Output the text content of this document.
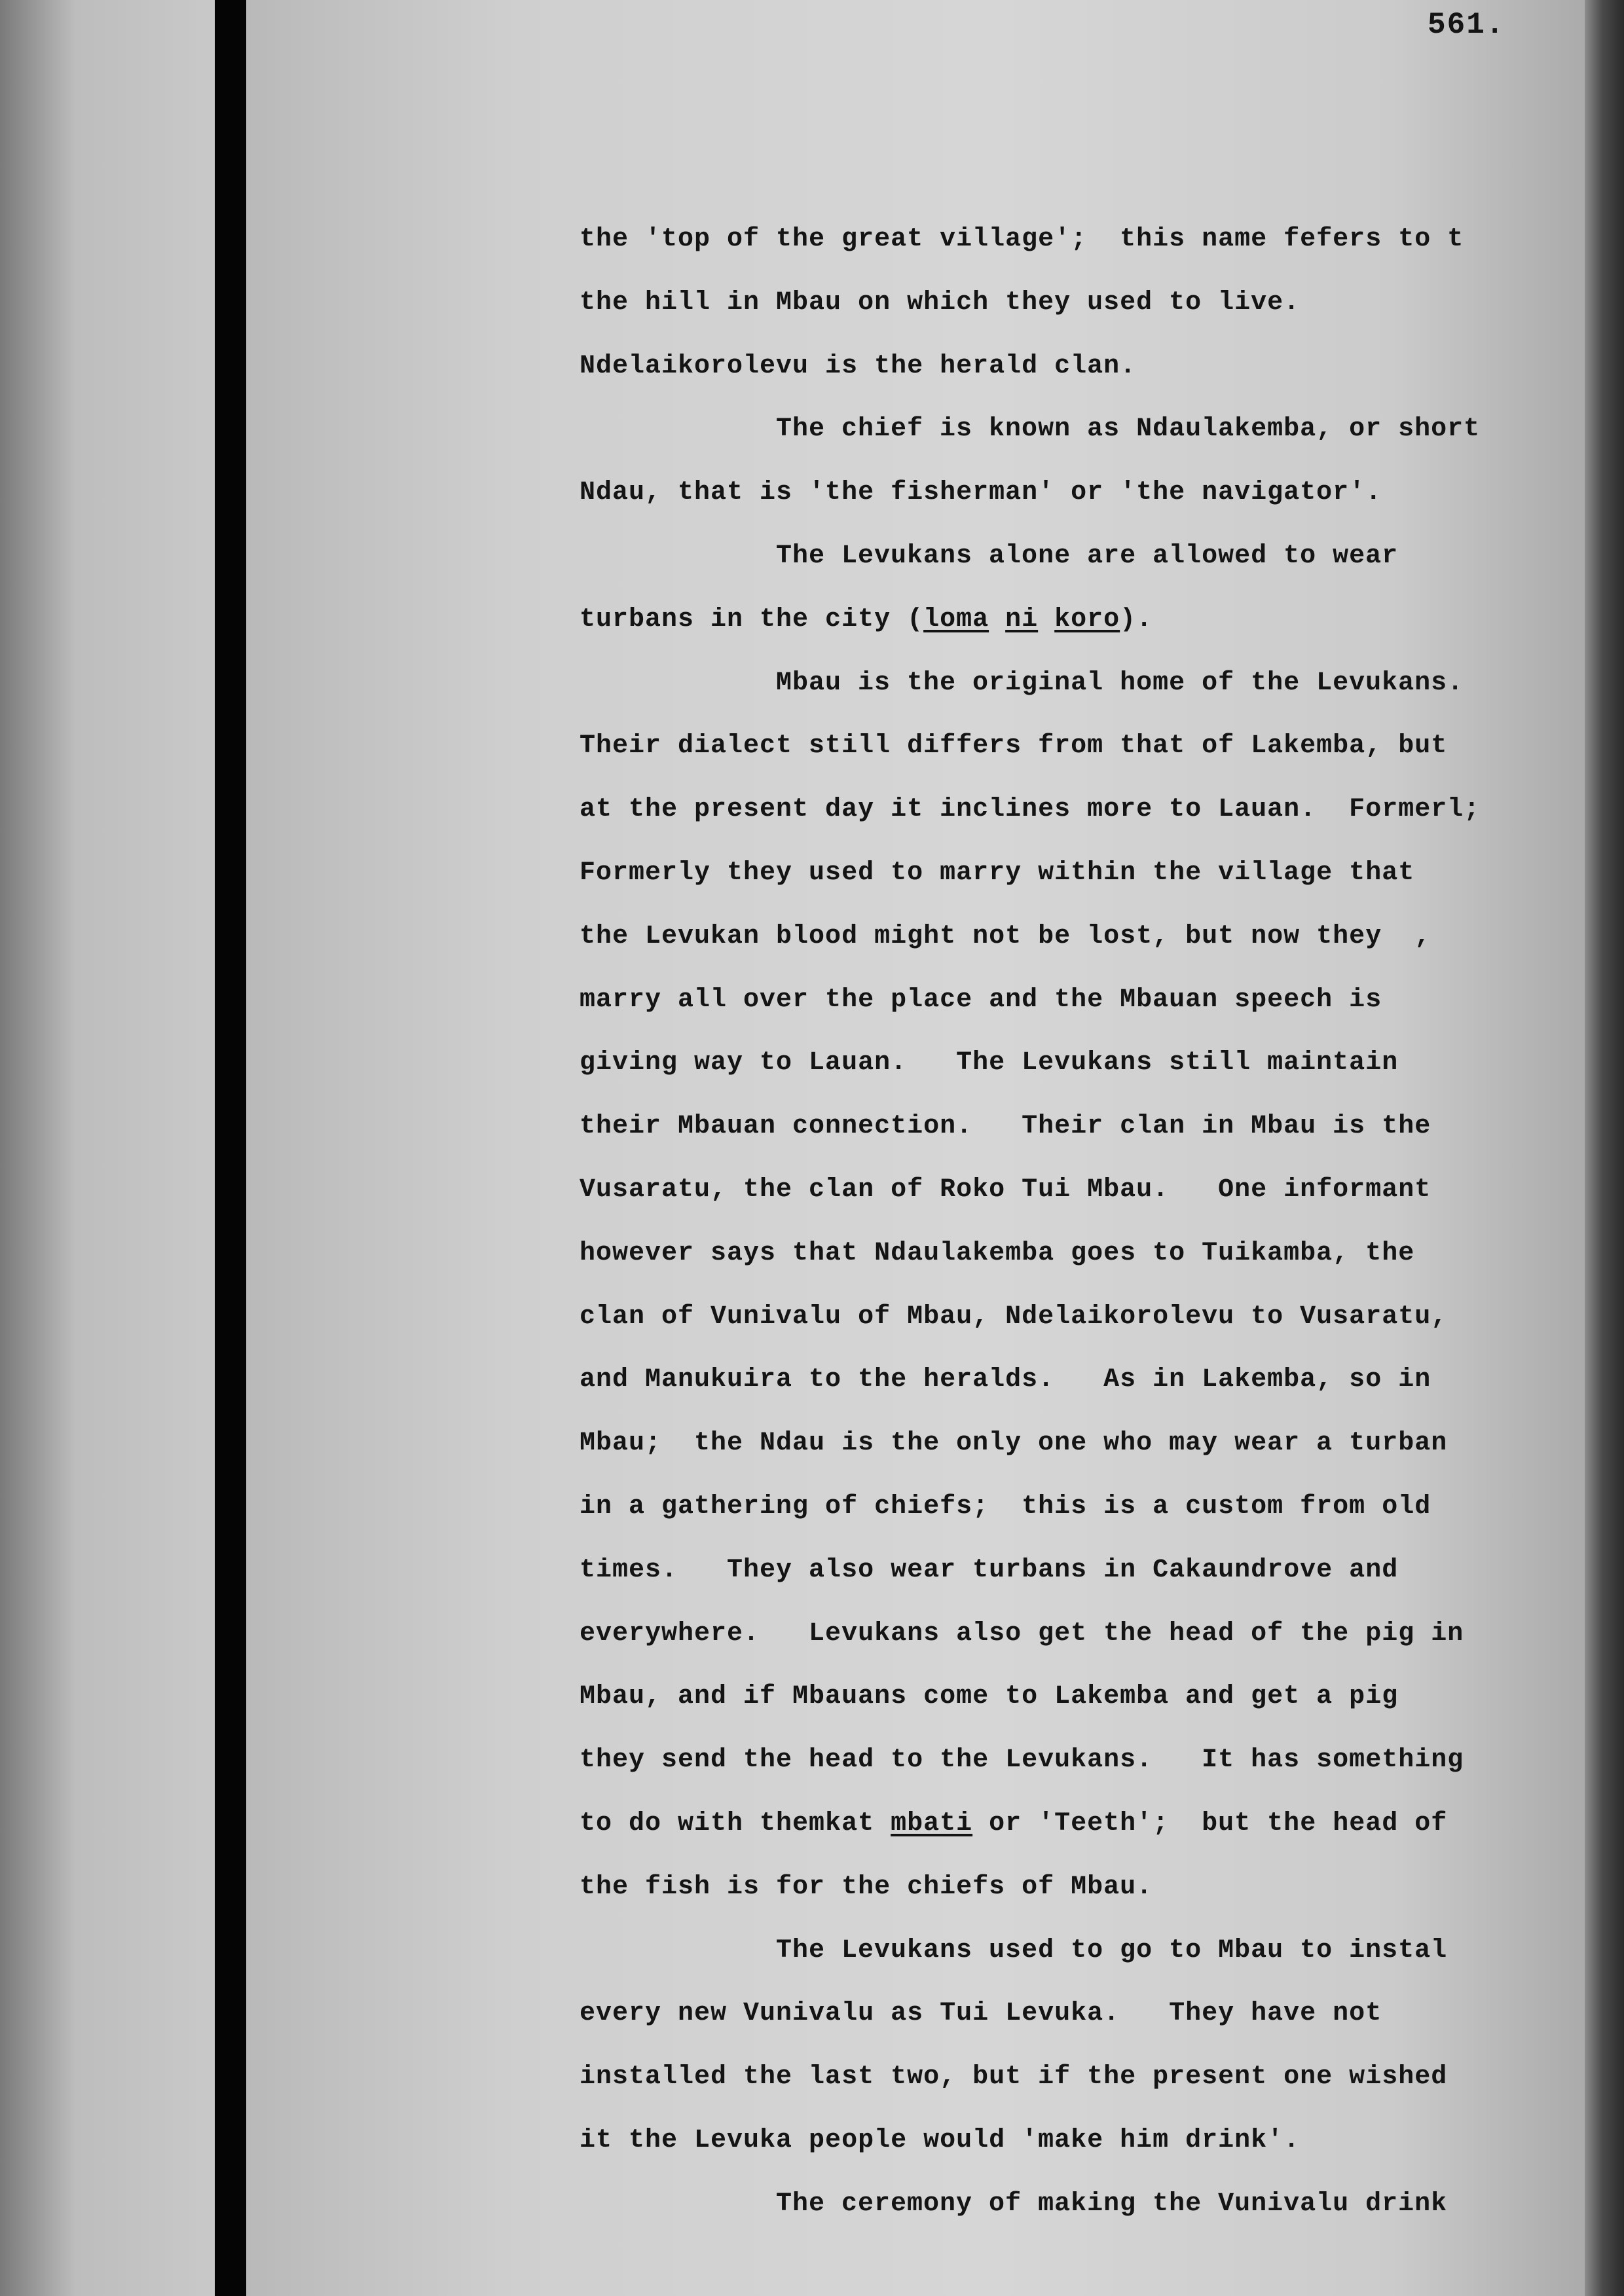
561.
the 'top of the great village';  this name fefers to t
the hill in Mbau on which they used to live.
Ndelaikorolevu is the herald clan.
The chief is known as Ndaulakemba, or short
Ndau, that is 'the fisherman' or 'the navigator'.
The Levukans alone are allowed to wear
turbans in the city (loma ni koro).
Mbau is the original home of the Levukans.
Their dialect still differs from that of Lakemba, but
at the present day it inclines more to Lauan.  Formerl;
Formerly they used to marry within the village that
the Levukan blood might not be lost, but now they  ,
marry all over the place and the Mbauan speech is
giving way to Lauan.   The Levukans still maintain
their Mbauan connection.   Their clan in Mbau is the
Vusaratu, the clan of Roko Tui Mbau.   One informant
however says that Ndaulakemba goes to Tuikamba, the
clan of Vunivalu of Mbau, Ndelaikorolevu to Vusaratu,
and Manukuira to the heralds.   As in Lakemba, so in
Mbau;  the Ndau is the only one who may wear a turban
in a gathering of chiefs;  this is a custom from old
times.   They also wear turbans in Cakaundrove and
everywhere.   Levukans also get the head of the pig in
Mbau, and if Mbauans come to Lakemba and get a pig
they send the head to the Levukans.   It has something
to do with themkat mbati or 'Teeth';  but the head of
the fish is for the chiefs of Mbau.
The Levukans used to go to Mbau to instal
every new Vunivalu as Tui Levuka.   They have not
installed the last two, but if the present one wished
it the Levuka people would 'make him drink'.
The ceremony of making the Vunivalu drink
